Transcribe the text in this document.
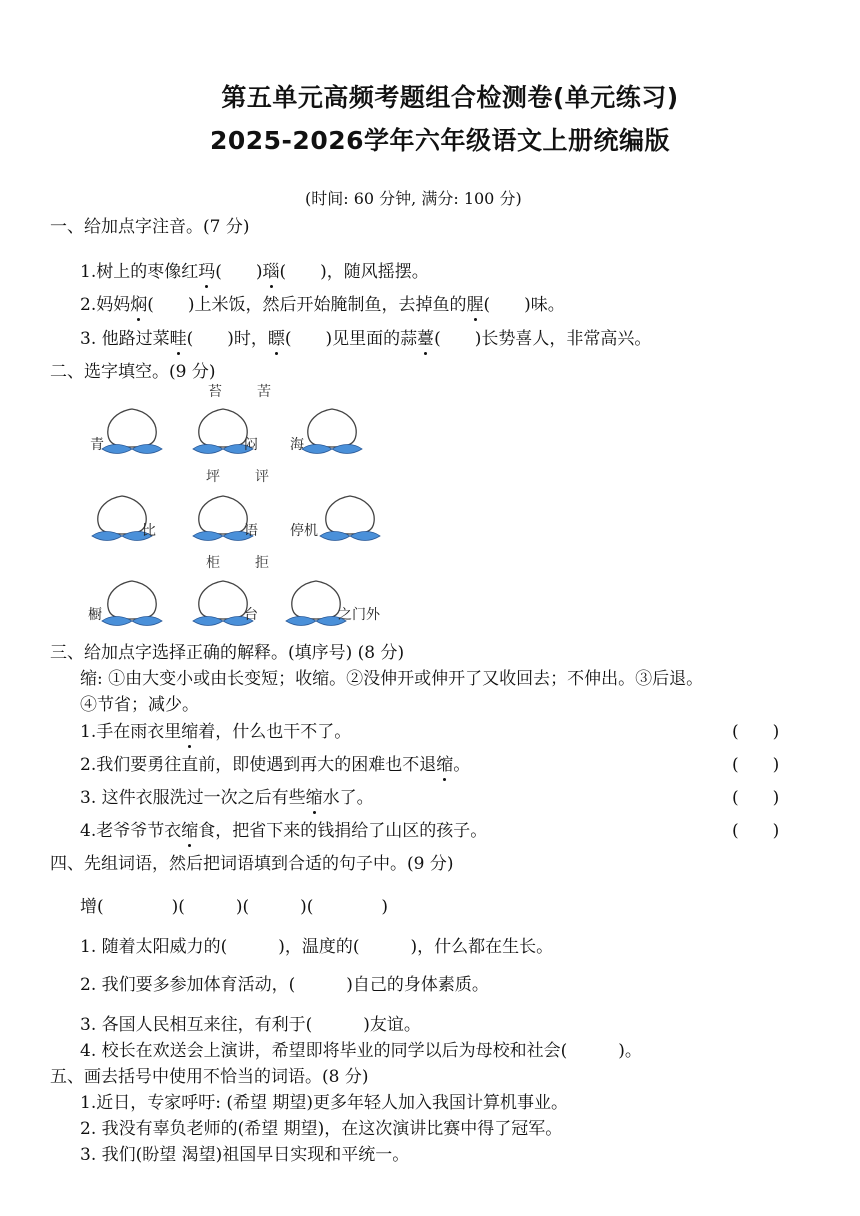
第五单元高频考题组合检测卷(单元练习)
2025-2026学年六年级语文上册统编版
(时间: 60 分钟, 满分: 100 分)
一、给加点字注音。(7 分)
1.树上的枣像红玛(　　)瑙(　　)，随风摇摆。
2.妈妈焖(　　)上米饭，然后开始腌制鱼，去掉鱼的腥(　　)味。
3. 他路过菜畦(　　)时，瞟(　　)见里面的蒜薹(　　)长势喜人，非常高兴。
二、选字填空。(9 分)
苔	苦
坪	评
柜	拒
青	闷 海
比	语 停机
橱	台	之门外
三、给加点字选择正确的解释。(填序号) (8 分)
缩: ①由大变小或由长变短；收缩。②没伸开或伸开了又收回去；不伸出。③后退。
④节省；减少。
1.手在雨衣里缩着，什么也干不了。	(　　)
2.我们要勇往直前，即使遇到再大的困难也不退缩。	(　　)
3. 这件衣服洗过一次之后有些缩水了。	(　　)
4.老爷爷节衣缩食，把省下来的钱捐给了山区的孩子。	(　　)
四、先组词语，然后把词语填到合适的句子中。(9 分)
增(　　　　)(　　　)(　　　)(　　　　)
1. 随着太阳威力的(　　　)，温度的(　　　)，什么都在生长。
2. 我们要多参加体育活动，(　　　)自己的身体素质。
3. 各国人民相互来往，有利于(　　　)友谊。
4. 校长在欢送会上演讲，希望即将毕业的同学以后为母校和社会(　　　)。
五、画去括号中使用不恰当的词语。(8 分)
1.近日，专家呼吁: (希望 期望)更多年轻人加入我国计算机事业。
2. 我没有辜负老师的(希望 期望)，在这次演讲比赛中得了冠军。
3. 我们(盼望 渴望)祖国早日实现和平统一。
